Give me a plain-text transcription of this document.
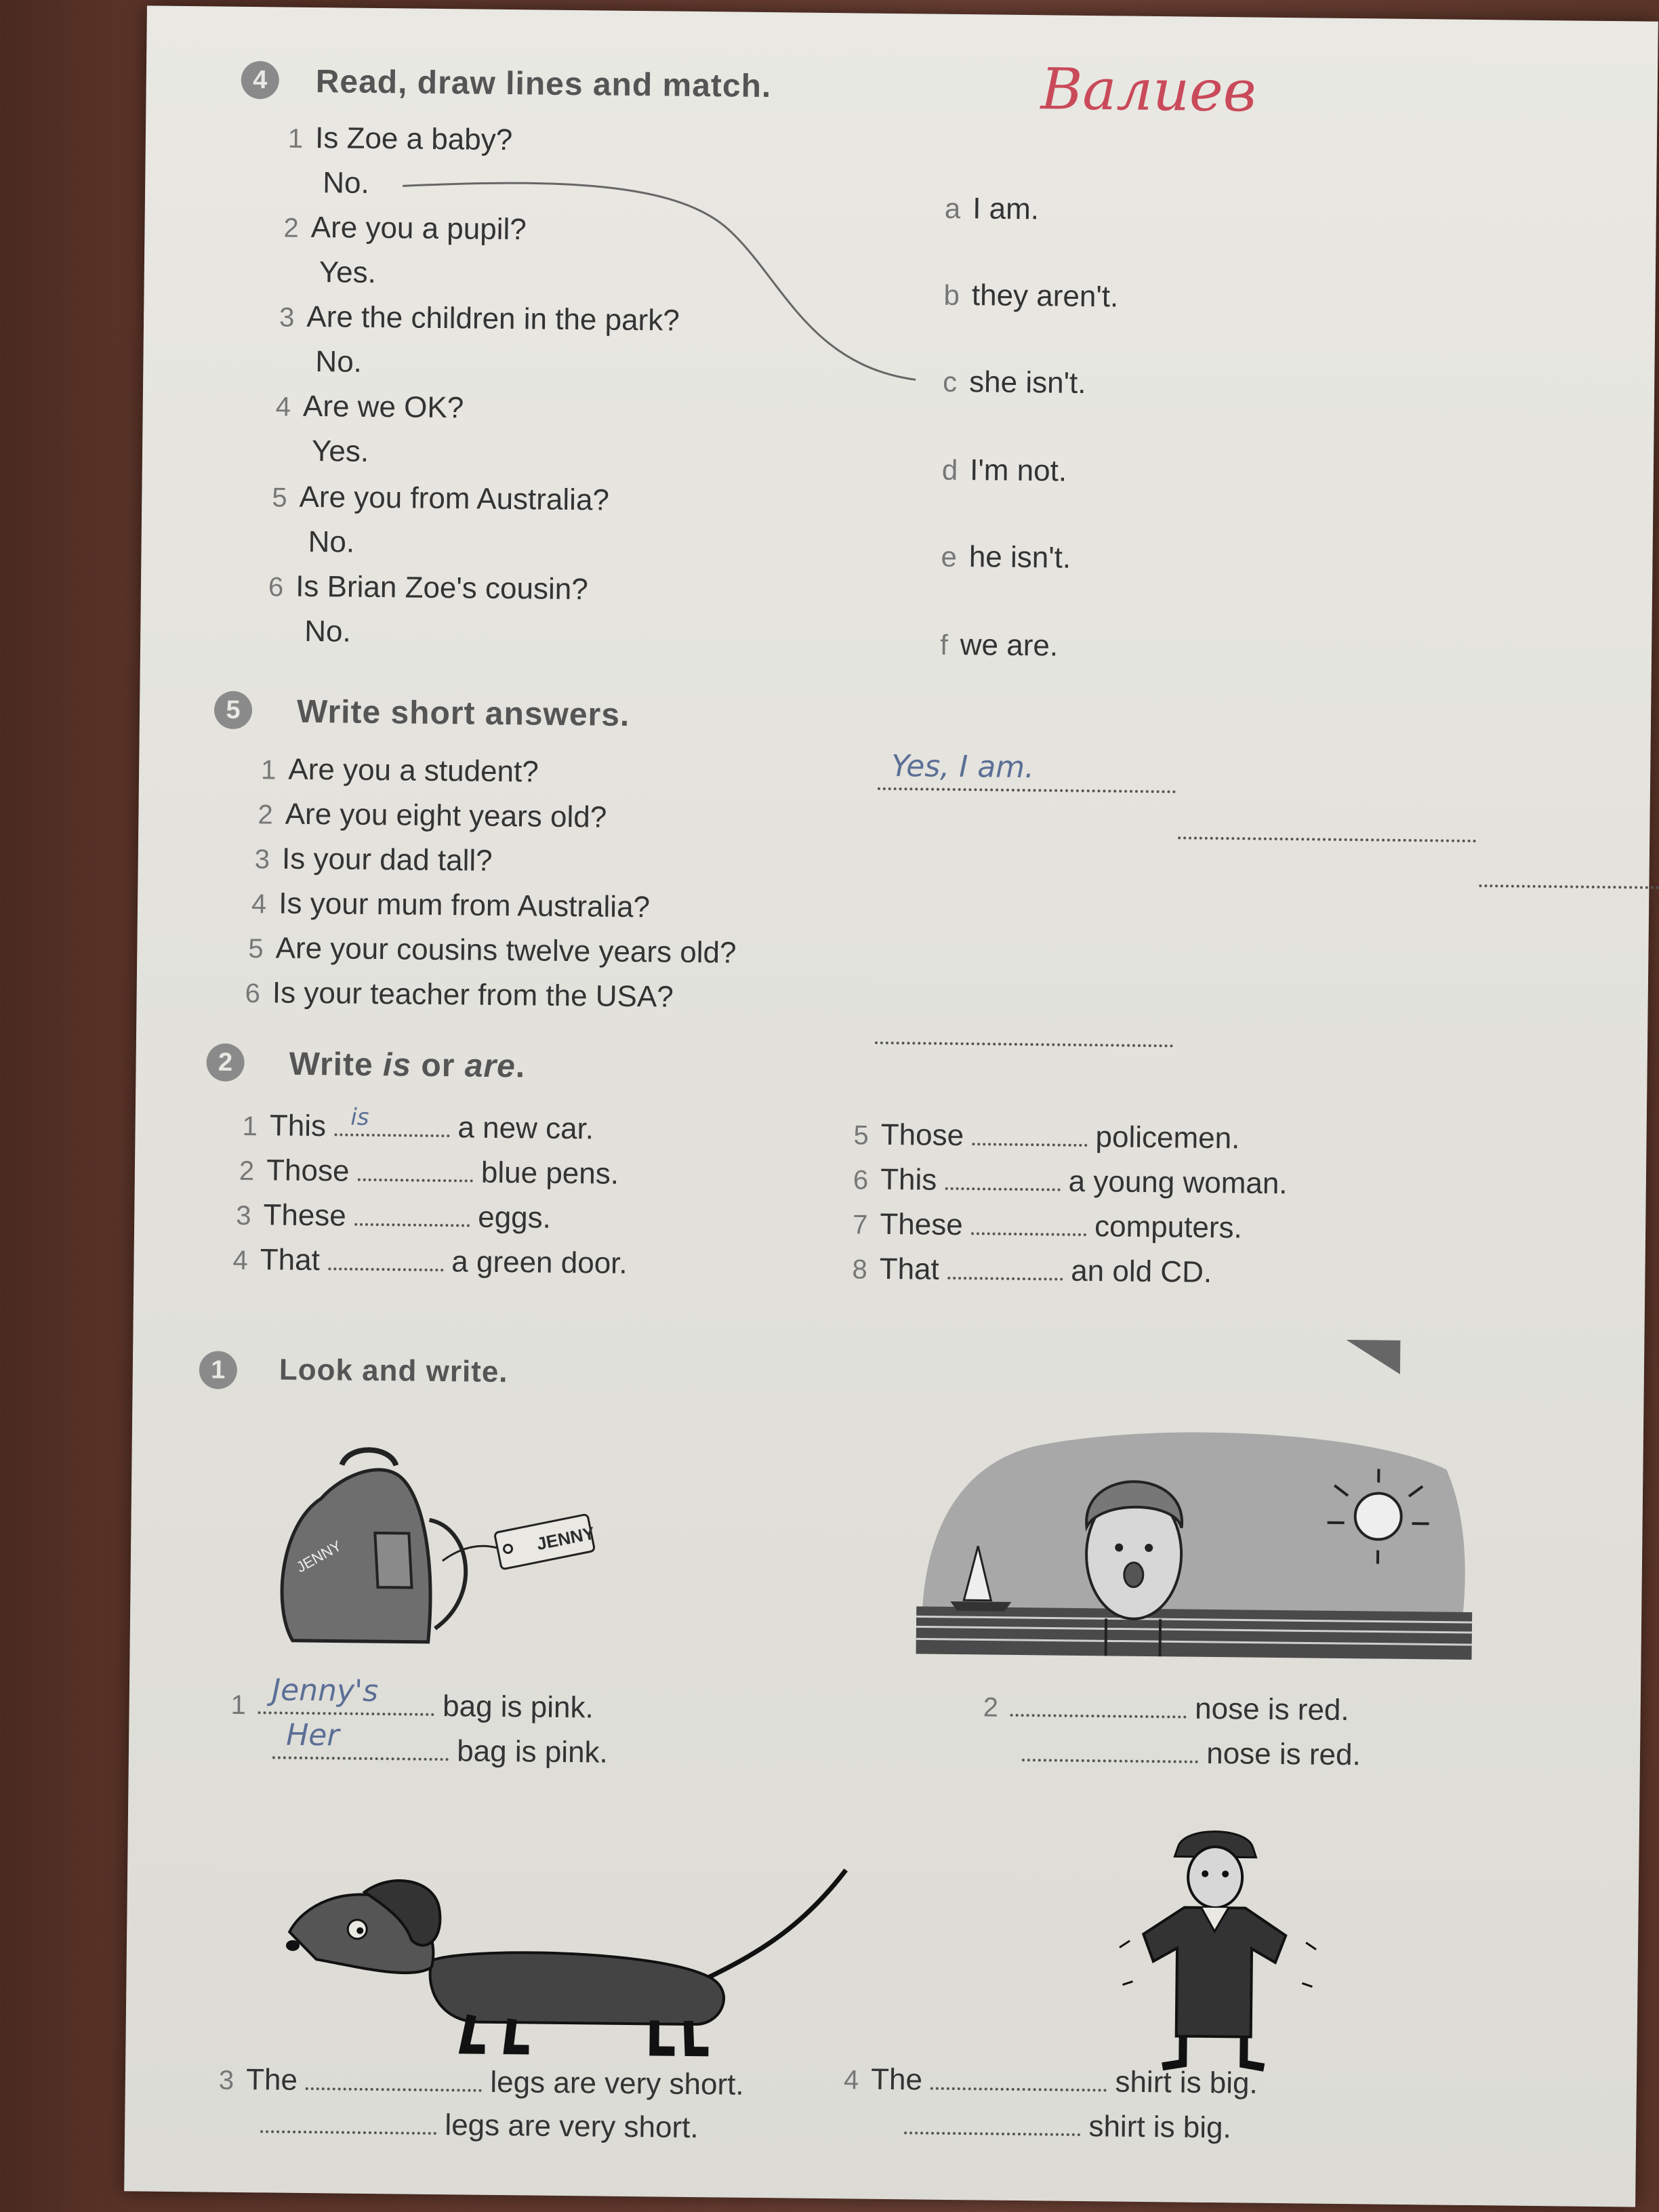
Валиев
4	Read, draw lines and match.
1 Is Zoe a baby?
No.
2 Are you a pupil?
Yes.
3 Are the children in the park?
No.
4 Are we OK?
Yes.
5 Are you from Australia?
No.
6 Is Brian Zoe's cousin?
No.
a I am.
b they aren't.
c she isn't.
d I'm not.
e he isn't.
f we are.
5	Write short answers.
1 Are you a student?	Yes, I am.

2 Are you eight years old?

3 Is your dad tall?

4 Is your mum from Australia?

5 Are your cousins twelve years old?

6 Is your teacher from the USA?
2	Write is or are.
1 This is	a new car.
2 Those	blue pens.
3 These	eggs.
4 That	a green door.
5 Those	policemen.
6 This	a young woman.
7 These	computers.
8 That	an old CD.
1	Look and write.
JENNY	JENNY
1 Jenny's bag is pink.
Her	bag is pink.
2	nose is red.
nose is red.
3 The	legs are very short.
legs are very short.
4 The	shirt is big.
shirt is big.
